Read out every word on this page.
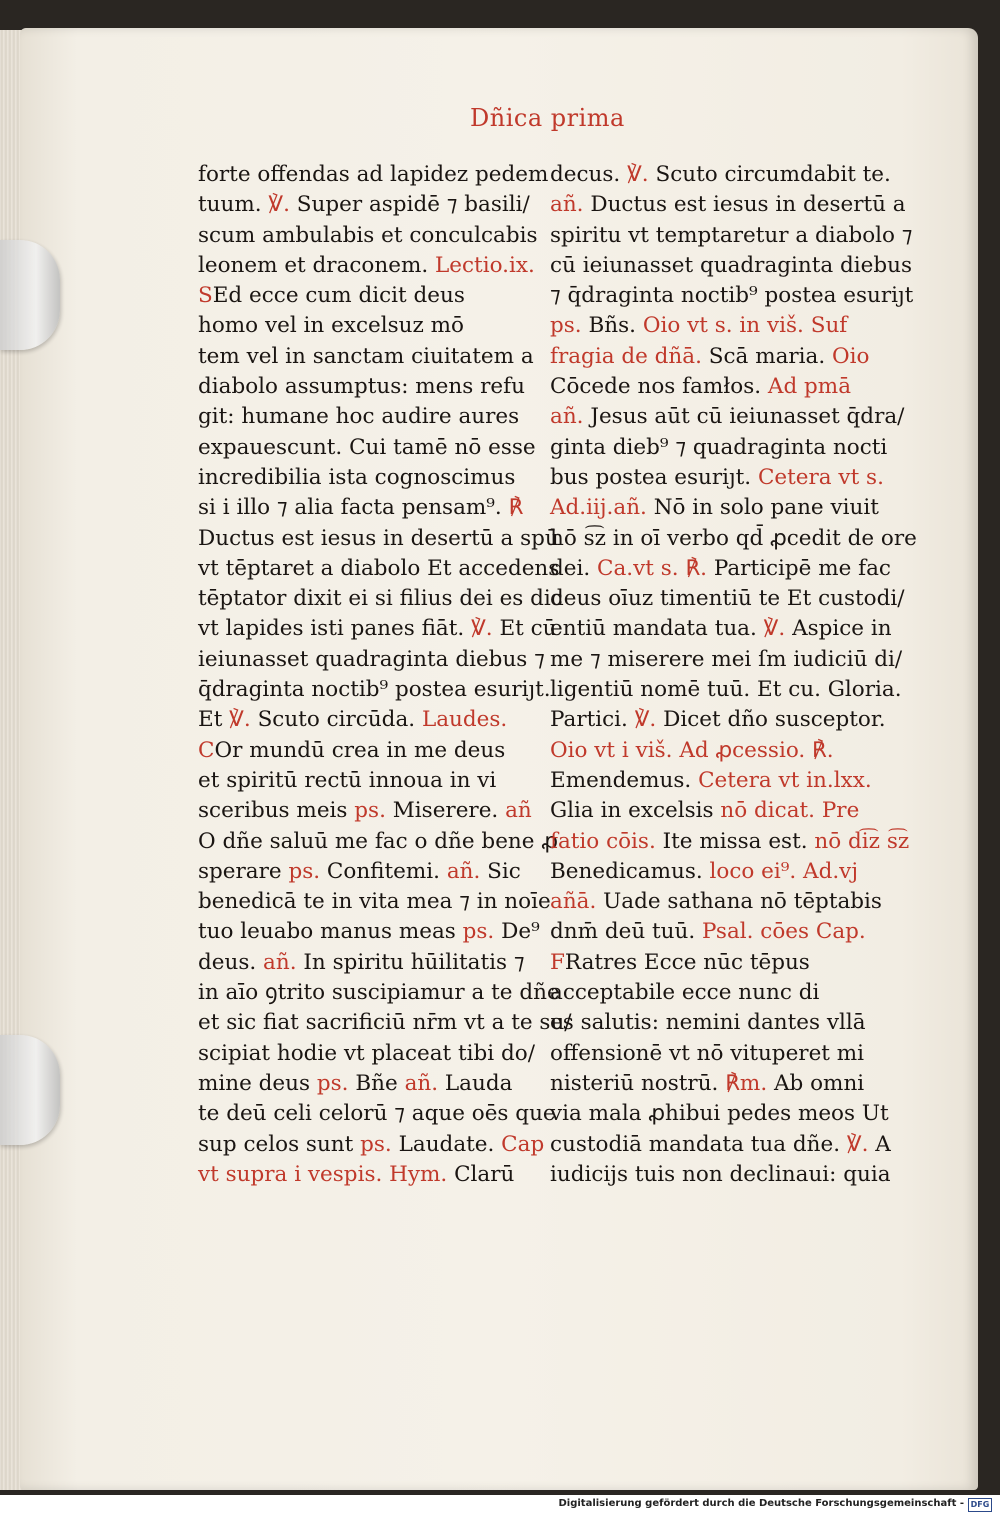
Dñica prima
forte offendas ad lapidez pedem
tuum. ℣. Super aspidē ⁊ basili/
scum ambulabis et conculcabis
leonem et draconem. Lectio.ix.
SEd ecce cum dicit deus
homo vel in excelsuz mō
tem vel in sanctam ciuitatem a
diabolo assumptus: mens refu
git: humane hoc audire aures
expauescunt. Cui tamē nō esse
incredibilia ista cognoscimus
si i illo ⁊ alia facta pensam⁹. ℟
Ductus est iesus in desertū a spū
vt tēptaret a diabolo Et accedens
tēptator dixit ei si filius dei es dic
vt lapides isti panes fiāt. ℣. Et cū
ieiunasset quadraginta diebus ⁊
q̄draginta noctib⁹ postea esuriȷt.
Et ℣. Scuto circūda. Laudes.
COr mundū crea in me deus
et spiritū rectū innoua in vi
sceribus meis ps. Miserere. añ
O dñe saluū me fac o dñe bene ꝓ
sperare ps. Confitemi. añ. Sic
benedicā te in vita mea ⁊ in noīe
tuo leuabo manus meas ps. De⁹
deus. añ. In spiritu hūilitatis ⁊
in aīo ꝯtrito suscipiamur a te dñe
et sic fiat sacrificiū nr̄m vt a te su/
scipiat hodie vt placeat tibi do/
mine deus ps. Bñe añ. Lauda
te deū celi celorū ⁊ aque oēs que
sup celos sunt ps. Laudate. Cap
vt supra i vespis. Hym. Clarū
decus. ℣. Scuto circumdabit te.
añ. Ductus est iesus in desertū a
spiritu vt temptaretur a diabolo ⁊
cū ieiunasset quadraginta diebus
⁊ q̄draginta noctib⁹ postea esuriȷt
ps. Bñs. Oio vt s. in viš. Suf
fragia de dñā. Scā maria. Oio
Cōcede nos famłos. Ad pmā
añ. Jesus aūt cū ieiunasset q̄dra/
ginta dieb⁹ ⁊ quadraginta nocti
bus postea esuriȷt. Cetera vt s.
Ad.iij.añ. Nō in solo pane viuit
hō s͡z in oī verbo qd̄ ꝓcedit de ore
dei. Ca.vt s. ℟. Participē me fac
deus oīuz timentiū te Et custodi/
entiū mandata tua. ℣. Aspice in
me ⁊ miserere mei ſm iudiciū di/
ligentiū nomē tuū. Et cu. Gloria.
Partici. ℣. Dicet dño susceptor.
Oio vt i viš. Ad ꝓcessio. ℟.
Emendemus. Cetera vt in.lxx.
Glia in excelsis nō dicat. Pre
fatio cōis. Ite missa est. nō di͡z s͡z
Benedicamus. loco ei⁹. Ad.vj
añā. Uade sathana nō tēptabis
dnm̄ deū tuū. Psal. cōes Cap.
FRatres Ecce nūc tēpus
acceptabile ecce nunc di
es salutis: nemini dantes vllā
offensionē vt nō vituperet mi
nisteriū nostrū. ℟m. Ab omni
via mala ꝓhibui pedes meos Ut
custodiā mandata tua dñe. ℣. A
iudicijs tuis non declinaui: quia
Digitalisierung gefördert durch die Deutsche Forschungsgemeinschaft - DFG
